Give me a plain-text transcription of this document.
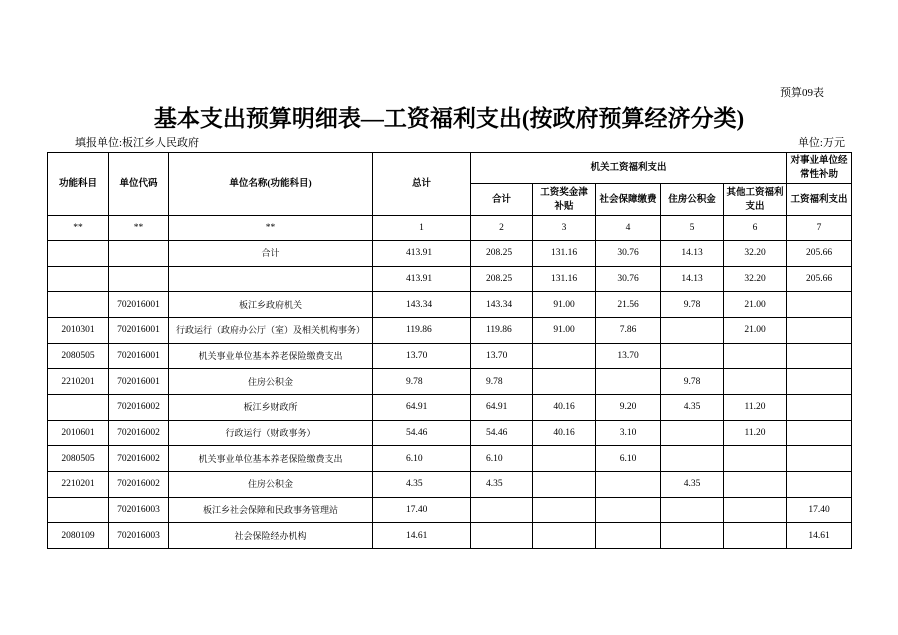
预算09表
基本支出预算明细表—工资福利支出(按政府预算经济分类)
填报单位:板江乡人民政府	单位:万元
功能科目	单位代码	单位名称(功能科目)	总计	机关工资福利支出					对事业单位经常性补助
				合计	工资奖金津补贴	社会保障缴费	住房公积金	其他工资福利支出	工资福利支出
**	**	**	1	2	3	4	5	6	7
		合计	413.91	208.25	131.16	30.76	14.13	32.20	205.66
			413.91	208.25	131.16	30.76	14.13	32.20	205.66
	702016001	板江乡政府机关	143.34	143.34	91.00	21.56	9.78	21.00	
2010301	702016001	行政运行（政府办公厅（室）及相关机构事务）	119.86	119.86	91.00	7.86		21.00	
2080505	702016001	机关事业单位基本养老保险缴费支出	13.70	13.70		13.70			
2210201	702016001	住房公积金	9.78	9.78			9.78		
	702016002	板江乡财政所	64.91	64.91	40.16	9.20	4.35	11.20	
2010601	702016002	行政运行（财政事务）	54.46	54.46	40.16	3.10		11.20	
2080505	702016002	机关事业单位基本养老保险缴费支出	6.10	6.10		6.10			
2210201	702016002	住房公积金	4.35	4.35			4.35		
	702016003	板江乡社会保障和民政事务管理站	17.40						17.40
2080109	702016003	社会保险经办机构	14.61						14.61
